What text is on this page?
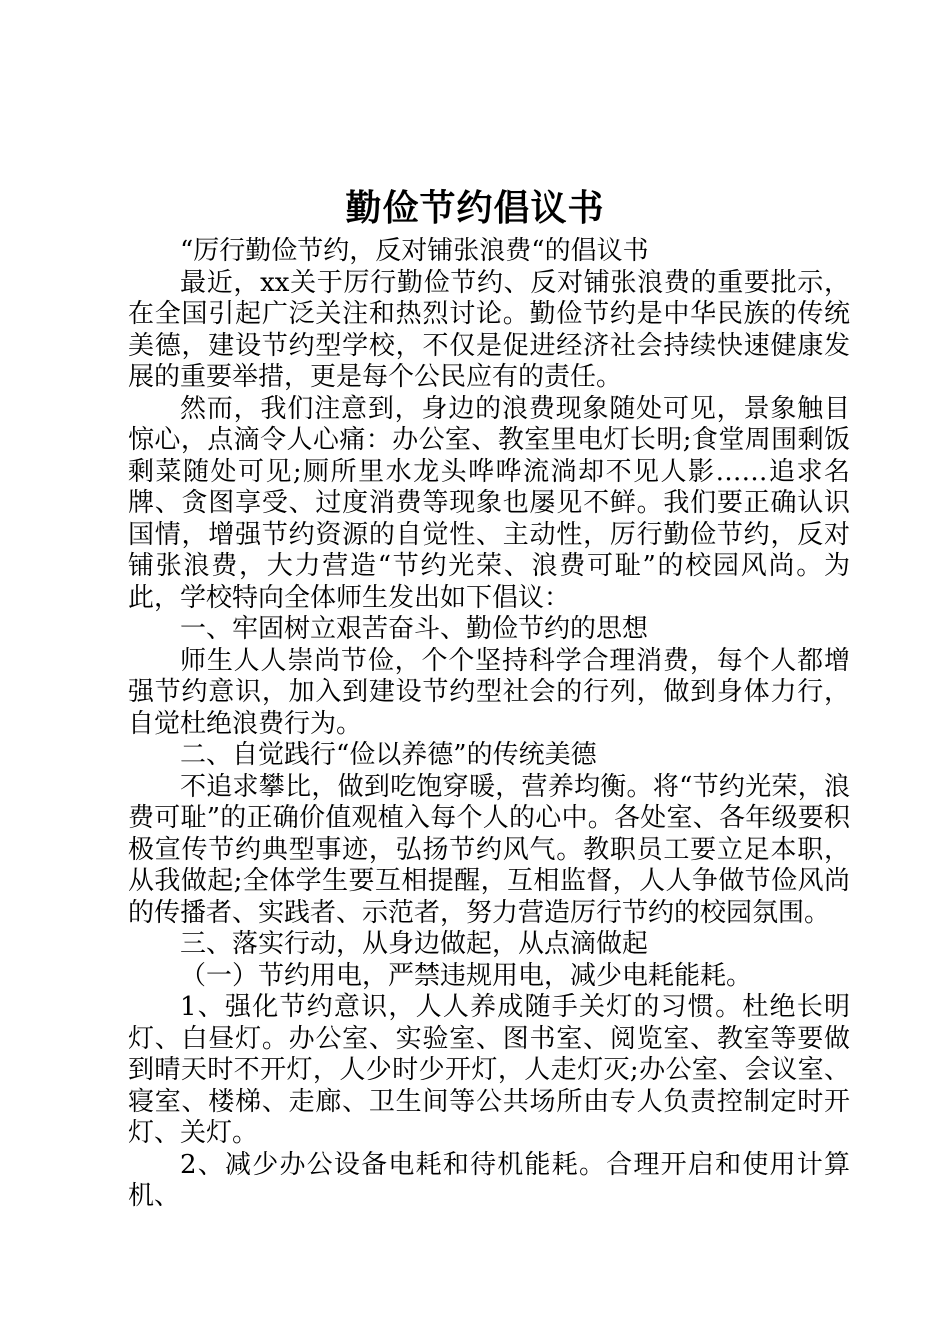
勤俭节约倡议书

“厉行勤俭节约，反对铺张浪费“的倡议书

最近，xx关于厉行勤俭节约、反对铺张浪费的重要批示，在全国引起广泛关注和热烈讨论。勤俭节约是中华民族的传统美德，建设节约型学校，不仅是促进经济社会持续快速健康发展的重要举措，更是每个公民应有的责任。

然而，我们注意到，身边的浪费现象随处可见，景象触目惊心，点滴令人心痛：办公室、教室里电灯长明;食堂周围剩饭剩菜随处可见;厕所里水龙头哗哗流淌却不见人影……追求名牌、贪图享受、过度消费等现象也屡见不鲜。我们要正确认识国情，增强节约资源的自觉性、主动性，厉行勤俭节约，反对铺张浪费，大力营造“节约光荣、浪费可耻”的校园风尚。为此，学校特向全体师生发出如下倡议：

一、牢固树立艰苦奋斗、勤俭节约的思想

师生人人崇尚节俭，个个坚持科学合理消费，每个人都增强节约意识，加入到建设节约型社会的行列，做到身体力行，自觉杜绝浪费行为。

二、自觉践行“俭以养德”的传统美德

不追求攀比，做到吃饱穿暖，营养均衡。将“节约光荣，浪费可耻”的正确价值观植入每个人的心中。各处室、各年级要积极宣传节约典型事迹，弘扬节约风气。教职员工要立足本职，从我做起;全体学生要互相提醒，互相监督，人人争做节俭风尚的传播者、实践者、示范者，努力营造厉行节约的校园氛围。

三、落实行动，从身边做起，从点滴做起

（一）节约用电，严禁违规用电，减少电耗能耗。

1、强化节约意识，人人养成随手关灯的习惯。杜绝长明灯、白昼灯。办公室、实验室、图书室、阅览室、教室等要做到晴天时不开灯，人少时少开灯，人走灯灭;办公室、会议室、寝室、楼梯、走廊、卫生间等公共场所由专人负责控制定时开灯、关灯。

2、减少办公设备电耗和待机能耗。合理开启和使用计算机、
